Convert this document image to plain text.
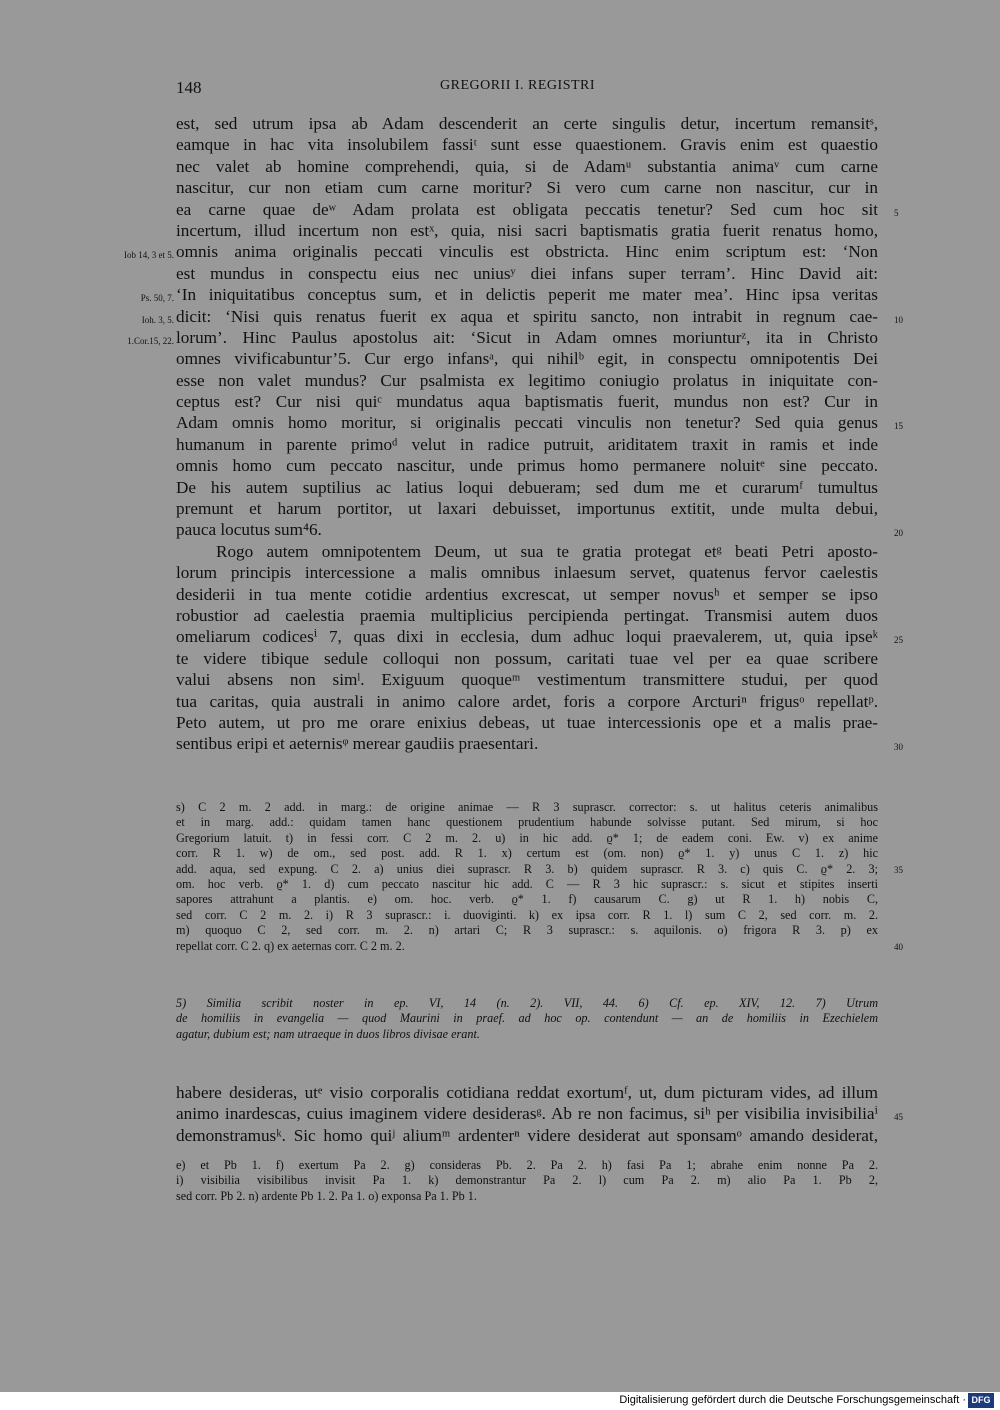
148	GREGORII I. REGISTRI
est, sed utrum ipsa ab Adam descenderit an certe singulis detur, incertum remansitˢ,
eamque in hac vita insolubilem fassiᵗ sunt esse quaestionem. Gravis enim est quaestio
nec valet ab homine comprehendi, quia, si de Adamᵘ substantia animaᵛ cum carne
nascitur, cur non etiam cum carne moritur? Si vero cum carne non nascitur, cur in
ea carne quae deʷ Adam prolata est obligata peccatis tenetur? Sed cum hoc sit 5
incertum, illud incertum non estˣ, quia, nisi sacri baptismatis gratia fuerit renatus homo,
omnis anima originalis peccati vinculis est obstricta. Hinc enim scriptum est: ‘Non
Iob 14, 3 et 5.
est mundus in conspectu eius nec uniusʸ diei infans super terram’. Hinc David ait:
‘In iniquitatibus conceptus sum, et in delictis peperit me mater mea’. Hinc ipsa veritas
Ps. 50, 7.
dicit: ‘Nisi quis renatus fuerit ex aqua et spiritu sancto, non intrabit in regnum cae-
Ioh. 3, 5.	10
lorum’. Hinc Paulus apostolus ait: ‘Sicut in Adam omnes moriunturᶻ, ita in Christo
1.Cor.15, 22.
omnes vivificabuntur’5. Cur ergo infansᵃ, qui nihilᵇ egit, in conspectu omnipotentis Dei
esse non valet mundus? Cur psalmista ex legitimo coniugio prolatus in iniquitate con-
ceptus est? Cur nisi quiᶜ mundatus aqua baptismatis fuerit, mundus non est? Cur in
Adam omnis homo moritur, si originalis peccati vinculis non tenetur? Sed quia genus 15
humanum in parente primoᵈ velut in radice putruit, ariditatem traxit in ramis et inde
omnis homo cum peccato nascitur, unde primus homo permanere noluitᵉ sine peccato.
De his autem suptilius ac latius loqui debueram; sed dum me et curarumᶠ tumultus
premunt et harum portitor, ut laxari debuisset, importunus extitit, unde multa debui,
pauca locutus sum⁴6.	20
Rogo autem omnipotentem Deum, ut sua te gratia protegat etᵍ beati Petri aposto-
lorum principis intercessione a malis omnibus inlaesum servet, quatenus fervor caelestis
desiderii in tua mente cotidie ardentius excrescat, ut semper novusʰ et semper se ipso
robustior ad caelestia praemia multiplicius percipienda pertingat. Transmisi autem duos
omeliarum codicesⁱ 7, quas dixi in ecclesia, dum adhuc loqui praevalerem, ut, quia ipseᵏ 25
te videre tibique sedule colloqui non possum, caritati tuae vel per ea quae scribere
valui absens non simˡ. Exiguum quoqueᵐ vestimentum transmittere studui, per quod
tua caritas, quia australi in animo calore ardet, foris a corpore Arcturiⁿ frigusᵒ repellatᵖ.
Peto autem, ut pro me orare enixius debeas, ut tuae intercessionis ope et a malis prae-
sentibus eripi et aeternisᵠ merear gaudiis praesentari.	30
s) C 2 m. 2 add. in marg.: de origine animae — R 3 suprascr. corrector: s. ut halitus ceteris animalibus
et in marg. add.: quidam tamen hanc questionem prudentium habunde solvisse putant. Sed mirum, si hoc
Gregorium latuit. t) in fessi corr. C 2 m. 2. u) in hic add. ϱ* 1; de eadem coni. Ew. v) ex anime
corr. R 1. w) de om., sed post. add. R 1. x) certum est (om. non) ϱ* 1. y) unus C 1. z) hic
add. aqua, sed expung. C 2. a) unius diei suprascr. R 3. b) quidem suprascr. R 3. c) quis C. ϱ* 2. 3; 35
om. hoc verb. ϱ* 1. d) cum peccato nascitur hic add. C — R 3 hic suprascr.: s. sicut et stipites inserti
sapores attrahunt a plantis. e) om. hoc. verb. ϱ* 1. f) causarum C. g) ut R 1. h) nobis C,
sed corr. C 2 m. 2. i) R 3 suprascr.: i. duoviginti. k) ex ipsa corr. R 1. l) sum C 2, sed corr. m. 2.
m) quoquo C 2, sed corr. m. 2. n) artari C; R 3 suprascr.: s. aquilonis. o) frigora R 3. p) ex
repellat corr. C 2. q) ex aeternas corr. C 2 m. 2.	40
5) Similia scribit noster in ep. VI, 14 (n. 2). VII, 44. 6) Cf. ep. XIV, 12. 7) Utrum
de homiliis in evangelia — quod Maurini in praef. ad hoc op. contendunt — an de homiliis in Ezechielem
agatur, dubium est; nam utraeque in duos libros divisae erant.
habere desideras, utᵉ visio corporalis cotidiana reddat exortumᶠ, ut, dum picturam vides, ad illum
animo inardescas, cuius imaginem videre desiderasᵍ. Ab re non facimus, siʰ per visibilia invisibiliaⁱ 45
demonstramusᵏ. Sic homo quiʲ aliumᵐ ardenterⁿ videre desiderat aut sponsamᵒ amando desiderat,
e) et Pb 1. f) exertum Pa 2. g) consideras Pb. 2. Pa 2. h) fasi Pa 1; abrahe enim nonne Pa 2.
i) visibilia visibilibus invisit Pa 1. k) demonstrantur Pa 2. l) cum Pa 2. m) alio Pa 1. Pb 2,
sed corr. Pb 2. n) ardente Pb 1. 2. Pa 1. o) exponsa Pa 1. Pb 1.
Digitalisierung gefördert durch die Deutsche Forschungsgemeinschaft · DFG
